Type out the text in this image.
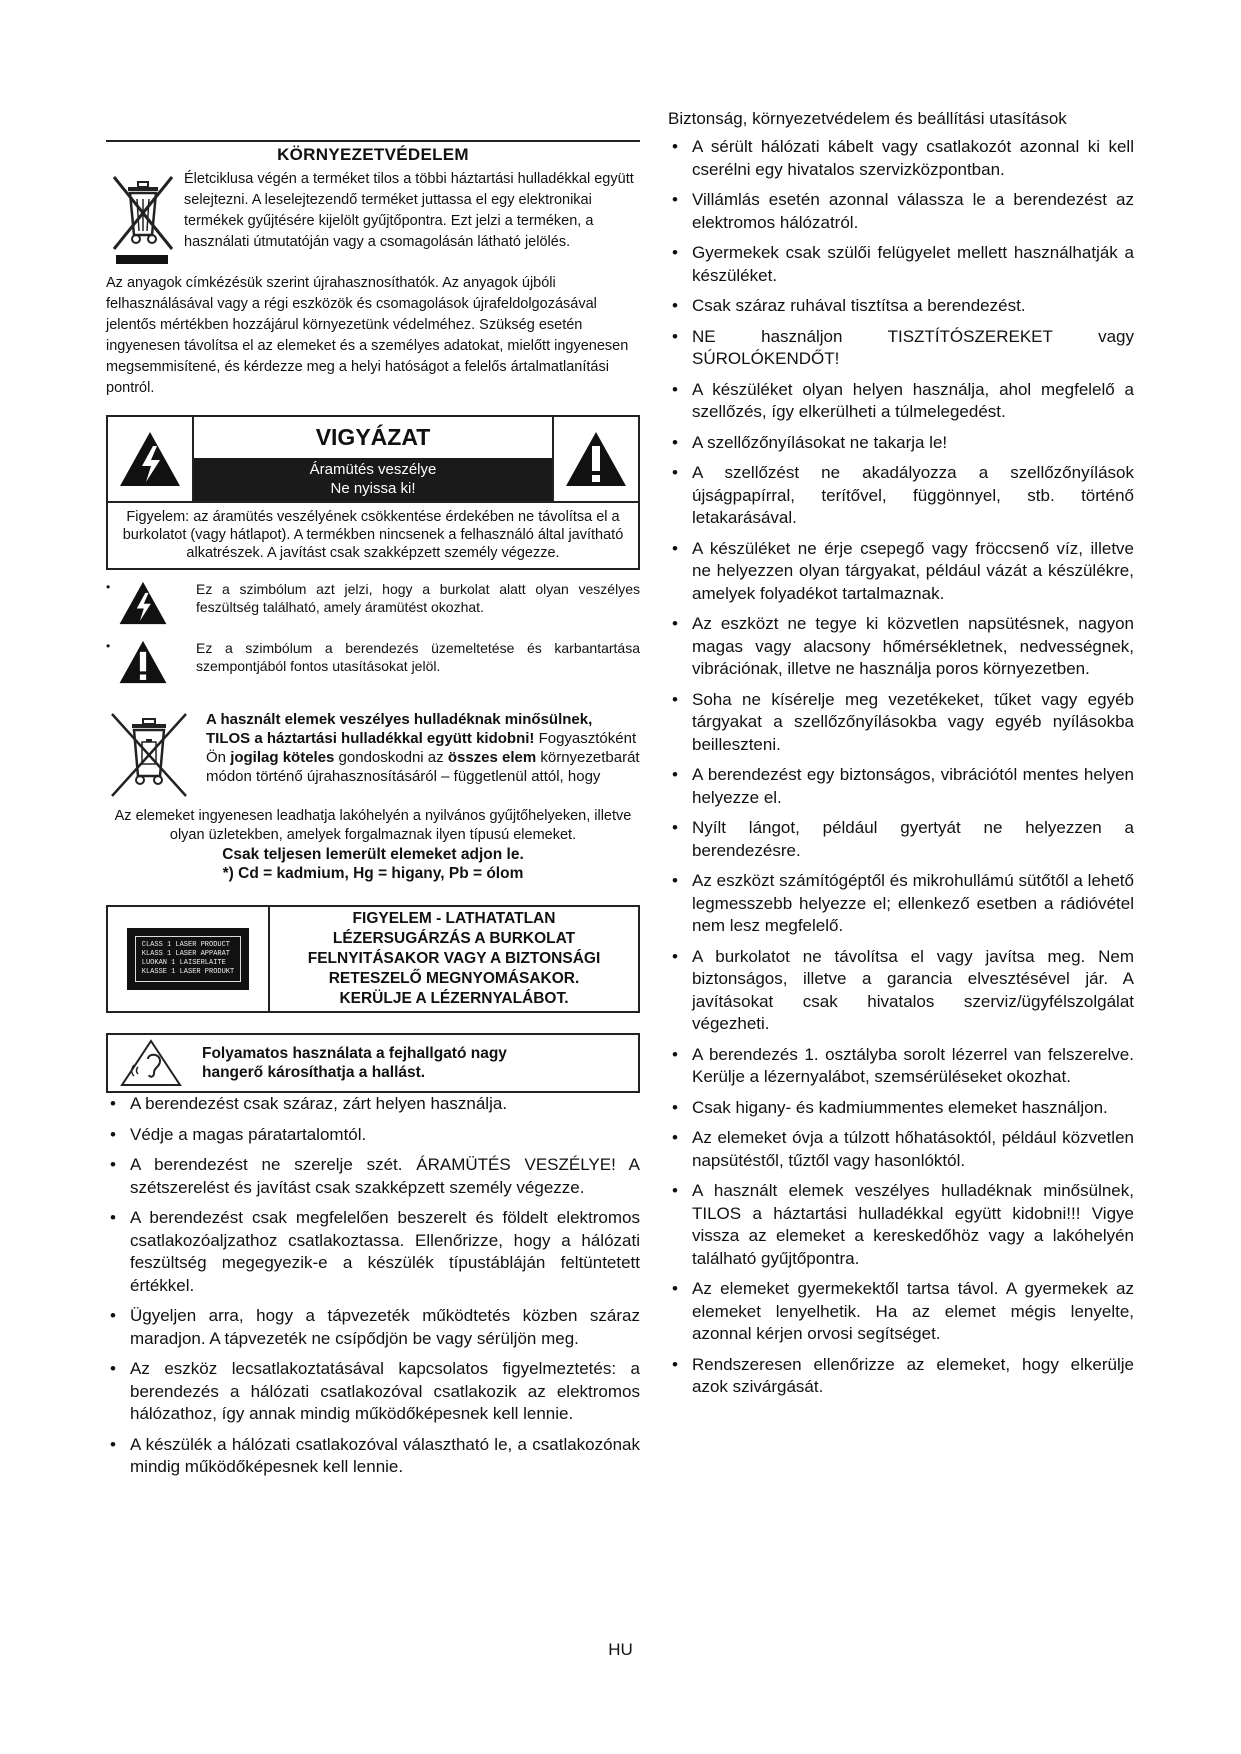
KÖRNYEZETVÉDELEM
Életciklusa végén a terméket tilos a többi háztartási hulladékkal együtt selejtezni. A leselejtezendő terméket juttassa el egy elektronikai termékek gyűjtésére kijelölt gyűjtőpontra. Ezt jelzi a terméken, a használati útmutatóján vagy a csomagolásán látható jelölés.
Az anyagok címkézésük szerint újrahasznosíthatók. Az anyagok újbóli felhasználásával vagy a régi eszközök és csomagolások újrafeldolgozásával jelentős mértékben hozzájárul környezetünk védelméhez. Szükség esetén ingyenesen távolítsa el az elemeket és a személyes adatokat, mielőtt ingyenesen megsemmisítené, és kérdezze meg a helyi hatóságot a felelős ártalmatlanítási pontról.
VIGYÁZAT
Áramütés veszélye
Ne nyissa ki!
Figyelem: az áramütés veszélyének csökkentése érdekében ne távolítsa el a burkolatot (vagy hátlapot). A termékben nincsenek a felhasználó által javítható alkatrészek. A javítást csak szakképzett személy végezze.
•	Ez a szimbólum azt jelzi, hogy a burkolat alatt olyan veszélyes feszültség található, amely áramütést okozhat.
•	Ez a szimbólum a berendezés üzemeltetése és karbantartása szempontjából fontos utasításokat jelöl.
A használt elemek veszélyes hulladéknak minősülnek, TILOS a háztartási hulladékkal együtt kidobni! Fogyasztóként Ön jogilag köteles gondoskodni az összes elem környezetbarát módon történő újrahasznosításáról – függetlenül attól, hogy
Az elemeket ingyenesen leadhatja lakóhelyén a nyilvános gyűjtőhelyeken, illetve olyan üzletekben, amelyek forgalmaznak ilyen típusú elemeket.
Csak teljesen lemerült elemeket adjon le.
*) Cd = kadmium, Hg = higany, Pb = ólom
CLASS 1 LASER PRODUCT
KLASS 1 LASER APPARAT
LUOKAN 1 LAISERLAITE
KLASSE 1 LASER PRODUKT
FIGYELEM - LATHATATLAN
LÉZERSUGÁRZÁS A BURKOLAT
FELNYITÁSAKOR VAGY A BIZTONSÁGI
RETESZELŐ MEGNYOMÁSAKOR.
KERÜLJE A LÉZERNYALÁBOT.
Folyamatos használata a fejhallgató nagy
hangerő károsíthatja a hallást.
• A berendezést csak száraz, zárt helyen használja.
• Védje a magas páratartalomtól.
• A berendezést ne szerelje szét. ÁRAMÜTÉS VESZÉLYE! A szétszerelést és javítást csak szakképzett személy végezze.
• A berendezést csak megfelelően beszerelt és földelt elektromos csatlakozóaljzathoz csatlakoztassa. Ellenőrizze, hogy a hálózati feszültség megegyezik-e a készülék típustábláján feltüntetett értékkel.
• Ügyeljen arra, hogy a tápvezeték működtetés közben száraz maradjon. A tápvezeték ne csípődjön be vagy sérüljön meg.
• Az eszköz lecsatlakoztatásával kapcsolatos figyelmeztetés: a berendezés a hálózati csatlakozóval csatlakozik az elektromos hálózathoz, így annak mindig működőképesnek kell lennie.
• A készülék a hálózati csatlakozóval választható le, a csatlakozónak mindig működőképesnek kell lennie.
Biztonság, környezetvédelem és beállítási utasítások
• A sérült hálózati kábelt vagy csatlakozót azonnal ki kell cserélni egy hivatalos szervizközpontban.
• Villámlás esetén azonnal válassza le a berendezést az elektromos hálózatról.
• Gyermekek csak szülői felügyelet mellett használhatják a készüléket.
• Csak száraz ruhával tisztítsa a berendezést.
• NE használjon TISZTÍTÓSZEREKET vagy SÚROLÓKENDŐT!
• A készüléket olyan helyen használja, ahol megfelelő a szellőzés, így elkerülheti a túlmelegedést.
• A szellőzőnyílásokat ne takarja le!
• A szellőzést ne akadályozza a szellőzőnyílások újságpapírral, terítővel, függönnyel, stb. történő letakarásával.
• A készüléket ne érje csepegő vagy fröccsenő víz, illetve ne helyezzen olyan tárgyakat, például vázát a készülékre, amelyek folyadékot tartalmaznak.
• Az eszközt ne tegye ki közvetlen napsütésnek, nagyon magas vagy alacsony hőmérsékletnek, nedvességnek, vibrációnak, illetve ne használja poros környezetben.
• Soha ne kísérelje meg vezetékeket, tűket vagy egyéb tárgyakat a szellőzőnyílásokba vagy egyéb nyílásokba beilleszteni.
• A berendezést egy biztonságos, vibrációtól mentes helyen helyezze el.
• Nyílt lángot, például gyertyát ne helyezzen a berendezésre.
• Az eszközt számítógéptől és mikrohullámú sütőtől a lehető legmesszebb helyezze el; ellenkező esetben a rádióvétel nem lesz megfelelő.
• A burkolatot ne távolítsa el vagy javítsa meg. Nem biztonságos, illetve a garancia elvesztésével jár. A javításokat csak hivatalos szerviz/ügyfélszolgálat végezheti.
• A berendezés 1. osztályba sorolt lézerrel van felszerelve. Kerülje a lézernyalábot, szemsérüléseket okozhat.
• Csak higany- és kadmiummentes elemeket használjon.
• Az elemeket óvja a túlzott hőhatásoktól, például közvetlen napsütéstől, tűztől vagy hasonlóktól.
• A használt elemek veszélyes hulladéknak minősülnek, TILOS a háztartási hulladékkal együtt kidobni!!! Vigye vissza az elemeket a kereskedőhöz vagy a lakóhelyén található gyűjtőpontra.
• Az elemeket gyermekektől tartsa távol. A gyermekek az elemeket lenyelhetik. Ha az elemet mégis lenyelte, azonnal kérjen orvosi segítséget.
• Rendszeresen ellenőrizze az elemeket, hogy elkerülje azok szivárgását.
HU
